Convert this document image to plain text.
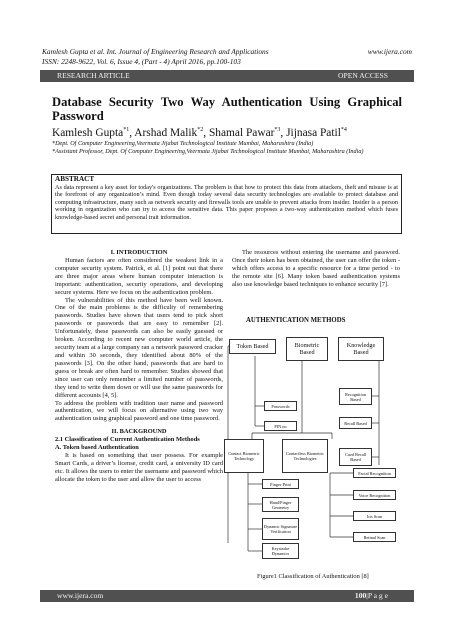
Kamlesh Gupta et al. Int. Journal of Engineering Research and Applications	www.ijera.com
ISSN: 2248-9622, Vol. 6, Issue 4, (Part - 4) April 2016, pp.100-103
RESEARCH ARTICLE	OPEN ACCESS
Database Security Two Way Authentication Using Graphical Password
Kamlesh Gupta$^{*1}$, Arshad Malik$^{*2}$, Shamal Pawar$^{*3}$, Jijnasa Patil$^{*4}$
*Dept. Of Computer Engineering,Veermata Jijabai Technological Institute Mumbai, Maharashtra (India)
*Assistant Professor, Dept. Of Computer Engineering,Veermata Jijabai Technological Institute Mumbai, Maharashtra (India)
ABSTRACT
As data represent a key asset for today's organizations. The problem is that how to protect this data from attackers, theft and misuse is at the forefront of any organization’s mind. Even though today several data security technologies are available to protect database and computing infrastructure, many such as network security and firewalls tools are unable to prevent attacks from insider. Insider is a person working in organization who can try to access the sensitive data. This paper proposes a two-way authentication method which fuses knowledge-based secret and personal trait information.

I. INTRODUCTION

Human factors are often considered the weakest link in a computer security system. Patrick, et al. [1] point out that there are three major areas where human computer interaction is important: authentication, security operations, and developing secure systems. Here we focus on the authentication problem.

The vulnerabilities of this method have been well known. One of the main problems is the difficulty of remembering passwords. Studies have shown that users tend to pick short passwords or passwords that are easy to remember [2]. Unfortunately, these passwords can also be easily guessed or broken. According to recent new computer world article, the security team at a large company ran a network password cracker and within 30 seconds, they identified about 80% of the passwords [3]. On the other hand, passwords that are hard to guess or break are often hard to remember. Studies showed that since user can only remember a limited number of passwords, they tend to write them down or will use the same passwords for different accounts [4, 5].

To address the problem with tradition user name and password authentication, we will focus on alternative using two way authentication using graphical password and one time password.

II. BACKGROUND

2.1 Classification of Current Authentication Methods

A. Token based Authentication

It is based on something that user possess. For example Smart Cards, a driver’s license, credit card, a university ID card etc. It allows the users to enter the username and password which allocate the token to the user and allow the user to access

The resources without entering the username and password. Once their token has been obtained, the user can offer the token - which offers access to a specific resource for a time period - to the remote site [6]. Many token based authentication systems also use knowledge based techniques to enhance security [7].

AUTHENTICATION METHODS
Token Based	Biometric Based
Knowledge Based
Passwords
PIN no
Recognition Based
Recall Based
Cued Recall Based
Contact Biometric Technology
Contactless Biometric Technologies
Finger Print
Hand/Finger Geometry
Dynamic Signature Verification
Keystroke Dynamics
Facial Recognition
Voice Recognition
Iris Scan
Retinal Scan
Figure1 Classification of Authentication [8]
www.ijera.com	100|P a g e
